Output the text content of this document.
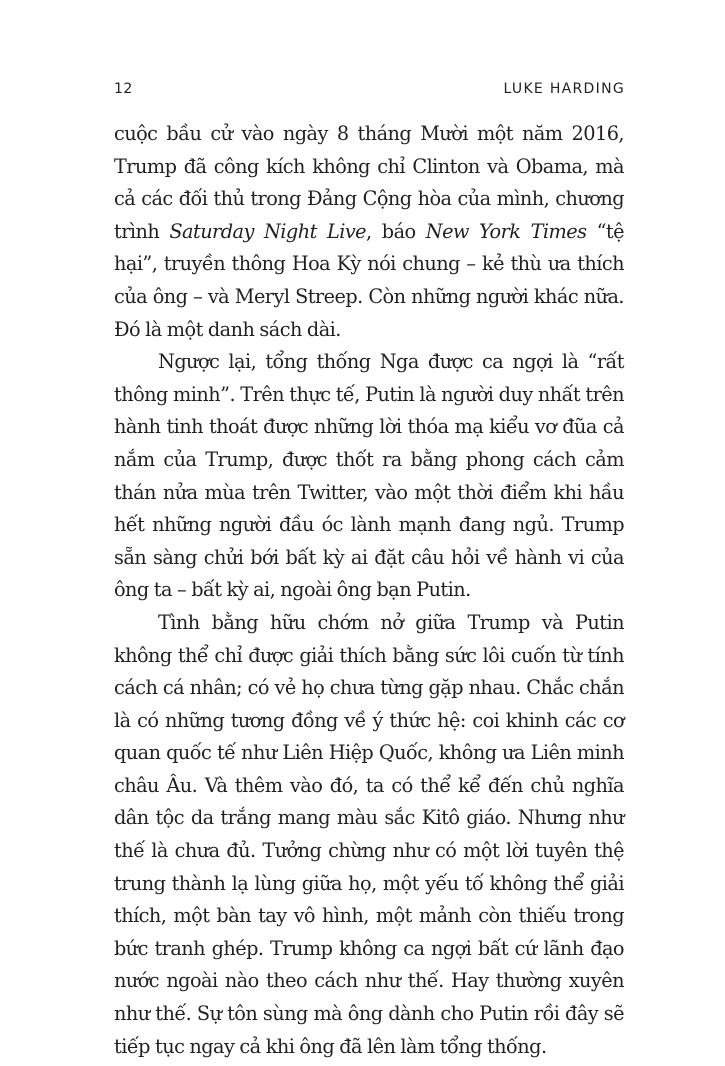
12	LUKE HARDING

cuộc bầu cử vào ngày 8 tháng Mười một năm 2016, Trump đã công kích không chỉ Clinton và Obama, mà cả các đối thủ trong Đảng Cộng hòa của mình, chương trình Saturday Night Live, báo New York Times “tệ hại”, truyền thông Hoa Kỳ nói chung – kẻ thù ưa thích của ông – và Meryl Streep. Còn những người khác nữa. Đó là một danh sách dài.

Ngược lại, tổng thống Nga được ca ngợi là “rất thông minh”. Trên thực tế, Putin là người duy nhất trên hành tinh thoát được những lời thóa mạ kiểu vơ đũa cả nắm của Trump, được thốt ra bằng phong cách cảm thán nửa mùa trên Twitter, vào một thời điểm khi hầu hết những người đầu óc lành mạnh đang ngủ. Trump sẵn sàng chửi bới bất kỳ ai đặt câu hỏi về hành vi của ông ta – bất kỳ ai, ngoài ông bạn Putin.

Tình bằng hữu chớm nở giữa Trump và Putin không thể chỉ được giải thích bằng sức lôi cuốn từ tính cách cá nhân; có vẻ họ chưa từng gặp nhau. Chắc chắn là có những tương đồng về ý thức hệ: coi khinh các cơ quan quốc tế như Liên Hiệp Quốc, không ưa Liên minh châu Âu. Và thêm vào đó, ta có thể kể đến chủ nghĩa dân tộc da trắng mang màu sắc Kitô giáo. Nhưng như thế là chưa đủ. Tưởng chừng như có một lời tuyên thệ trung thành lạ lùng giữa họ, một yếu tố không thể giải thích, một bàn tay vô hình, một mảnh còn thiếu trong bức tranh ghép. Trump không ca ngợi bất cứ lãnh đạo nước ngoài nào theo cách như thế. Hay thường xuyên như thế. Sự tôn sùng mà ông dành cho Putin rồi đây sẽ tiếp tục ngay cả khi ông đã lên làm tổng thống.
